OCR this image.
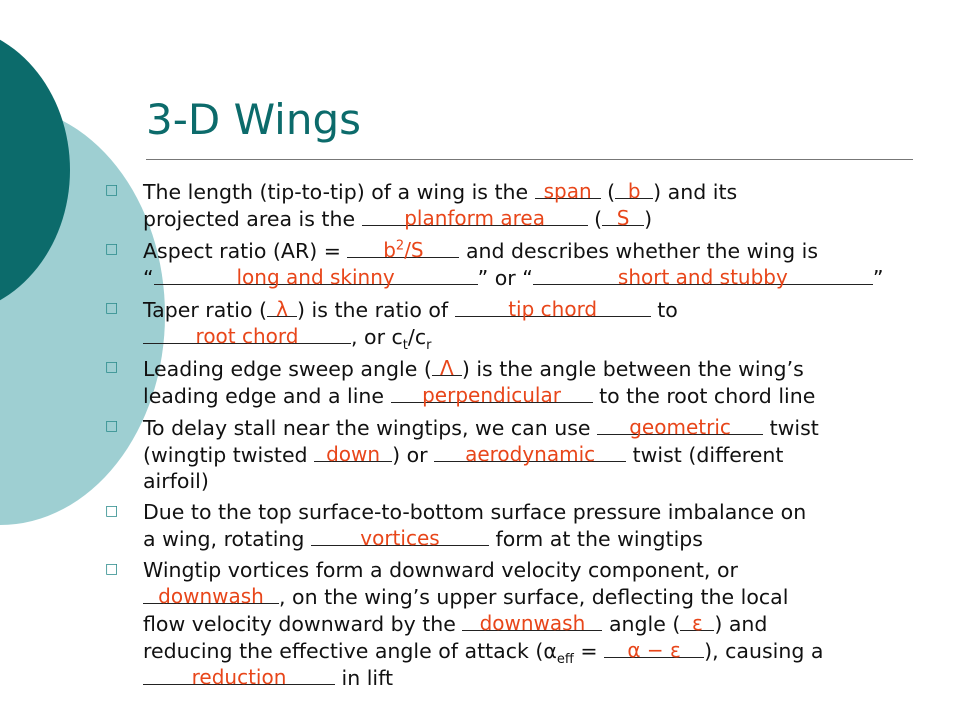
3-D Wings
□
The length (tip-to-tip) of a wing is the span ( b ) and its
projected area is the	planform area	( S )
□
Aspect ratio (AR) =	$b^2/S$	and describes whether the wing is
“	long and skinny	” or “	short and stubby	”
□
Taper ratio ( λ ) is the ratio of	tip chord	to

root chord	, or $c_t/c_r$
□
Leading edge sweep angle ( Λ ) is the angle between the wing’s
leading edge and a line	perpendicular	to the root chord line
□
To delay stall near the wingtips, we can use	geometric	twist
(wingtip twisted down ) or	aerodynamic	twist (different
airfoil)
□
Due to the top surface-to-bottom surface pressure imbalance on
a wing, rotating	vortices	form at the wingtips
□
Wingtip vortices form a downward velocity component, or

downwash , on the wing’s upper surface, deflecting the local
flow velocity downward by the downwash angle ( ε ) and
reducing the effective angle of attack ($\alpha_{eff}$ =	α − ε	), causing a

reduction	in lift
